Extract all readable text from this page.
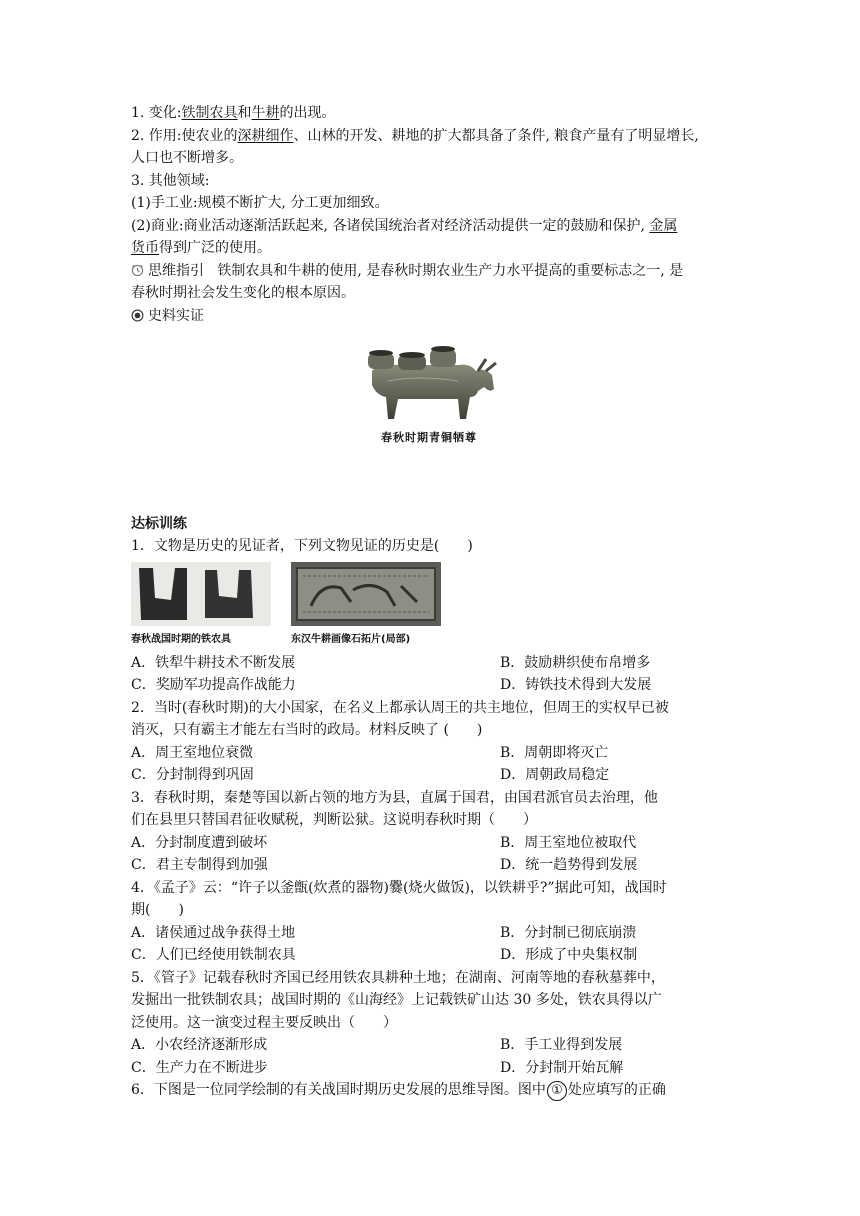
1. 变化:铁制农具和牛耕的出现。
2. 作用:使农业的深耕细作、山林的开发、耕地的扩大都具备了条件, 粮食产量有了明显增长,
人口也不断增多。
3. 其他领域:
(1)手工业:规模不断扩大, 分工更加细致。
(2)商业:商业活动逐渐活跃起来, 各诸侯国统治者对经济活动提供一定的鼓励和保护, 金属
货币得到广泛的使用。
思维指引 铁制农具和牛耕的使用, 是春秋时期农业生产力水平提高的重要标志之一, 是
春秋时期社会发生变化的根本原因。
史料实证
春秋时期青铜牺尊
达标训练
1．文物是历史的见证者，下列文物见证的历史是(　　)
春秋战国时期的铁农具	东汉牛耕画像石拓片(局部)
A．铁犁牛耕技术不断发展	B．鼓励耕织使布帛增多
C．奖励军功提高作战能力	D．铸铁技术得到大发展
2．当时(春秋时期)的大小国家，在名义上都承认周王的共主地位，但周王的实权早已被
消灭，只有霸主才能左右当时的政局。材料反映了 (　　)
A．周王室地位衰微	B．周朝即将灭亡
C．分封制得到巩固	D．周朝政局稳定
3．春秋时期，秦楚等国以新占领的地方为县，直属于国君，由国君派官员去治理，他
们在县里只替国君征收赋税，判断讼狱。这说明春秋时期（　　）
A．分封制度遭到破坏	B．周王室地位被取代
C．君主专制得到加强	D．统一趋势得到发展
4．《孟子》云：“许子以釜甑(炊煮的器物)爨(烧火做饭)，以铁耕乎?”据此可知，战国时
期(　　)
A．诸侯通过战争获得土地	B．分封制已彻底崩溃
C．人们已经使用铁制农具	D．形成了中央集权制
5．《管子》记载春秋时齐国已经用铁农具耕种土地；在湖南、河南等地的春秋墓葬中，
发掘出一批铁制农具；战国时期的《山海经》上记载铁矿山达 30 多处，铁农具得以广
泛使用。这一演变过程主要反映出（　　）
A．小农经济逐渐形成	B．手工业得到发展
C．生产力在不断进步	D．分封制开始瓦解
6．下图是一位同学绘制的有关战国时期历史发展的思维导图。图中 ① 处应填写的正确
